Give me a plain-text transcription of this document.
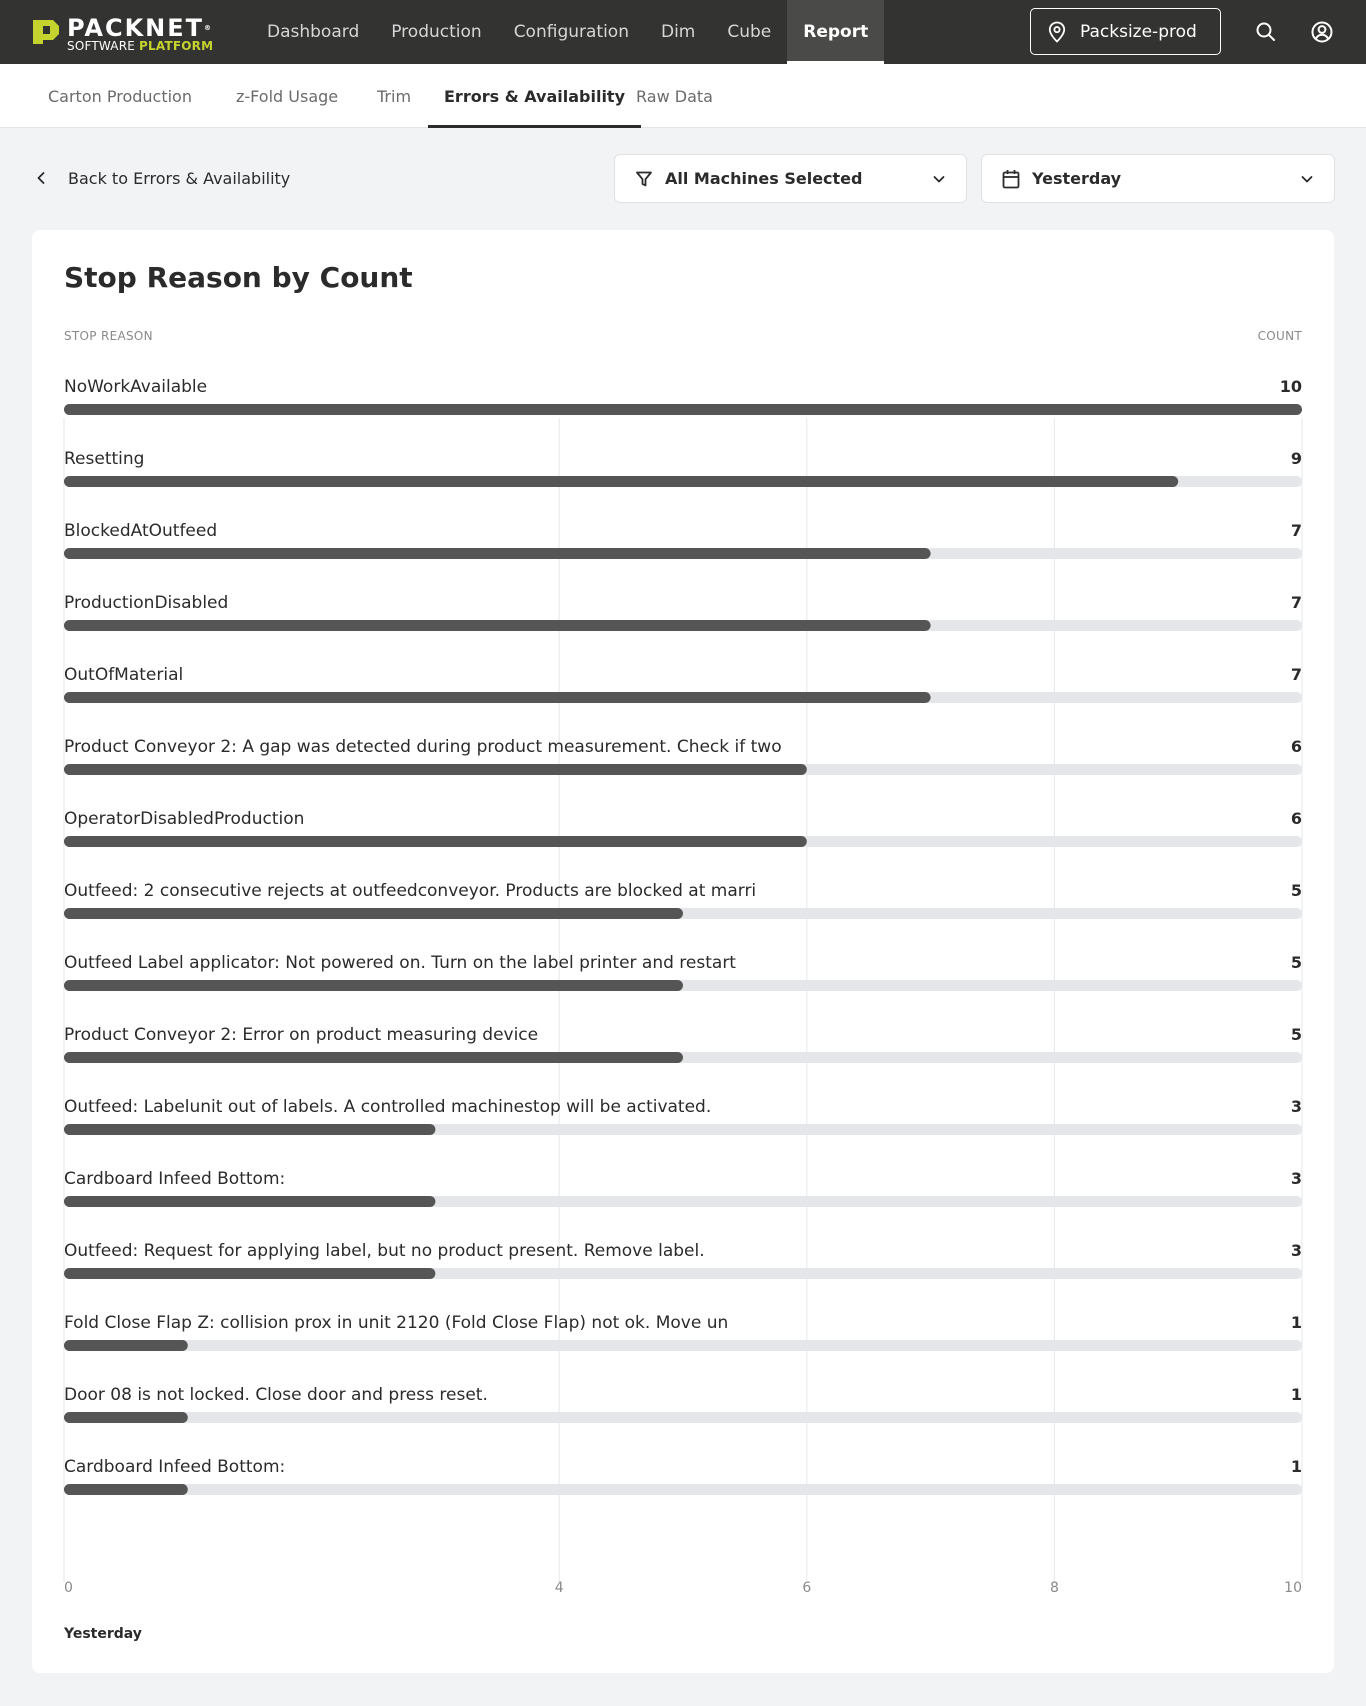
PACKNET®
SOFTWARE PLATFORM
Dashboard	Production	Configuration	Dim	Cube	Report	Packsize-prod
Carton Production	z-Fold Usage Trim	Errors & Availability Raw Data
Back to Errors & Availability	All Machines Selected	Yesterday
Stop Reason by Count
STOP REASON	COUNT
NoWorkAvailable	10
Resetting	9
BlockedAtOutfeed	7
ProductionDisabled	7
OutOfMaterial	7
Product Conveyor 2: A gap was detected during product measurement. Check if two	6
OperatorDisabledProduction	6
Outfeed: 2 consecutive rejects at outfeedconveyor. Products are blocked at marri	5
Outfeed Label applicator: Not powered on. Turn on the label printer and restart	5
Product Conveyor 2: Error on product measuring device	5
Outfeed: Labelunit out of labels. A controlled machinestop will be activated.	3
Cardboard Infeed Bottom:	3
Outfeed: Request for applying label, but no product present. Remove label.	3
Fold Close Flap Z: collision prox in unit 2120 (Fold Close Flap) not ok. Move un	1
Door 08 is not locked. Close door and press reset.	1
Cardboard Infeed Bottom:	1
0	4	6	8	10
Yesterday
